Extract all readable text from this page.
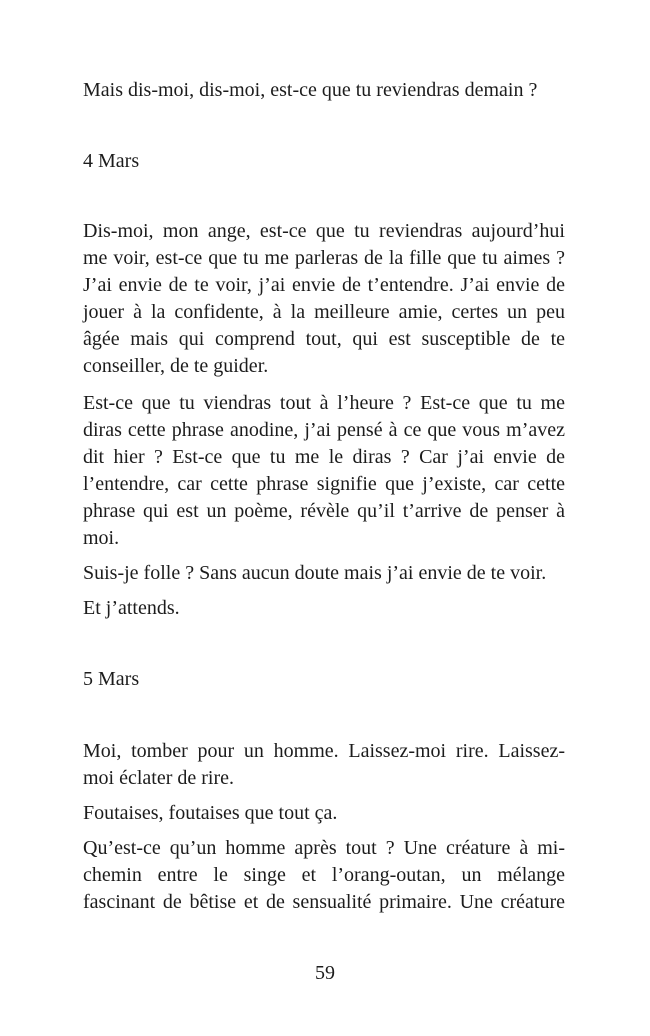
Mais dis-moi, dis-moi, est-ce que tu reviendras demain ?

4 Mars

Dis-moi, mon ange, est-ce que tu reviendras aujourd’hui
me voir, est-ce que tu me parleras de la fille que tu aimes ?
J’ai envie de te voir, j’ai envie de t’entendre. J’ai envie de
jouer à la confidente, à la meilleure amie, certes un peu
âgée mais qui comprend tout, qui est susceptible de te
conseiller, de te guider.

Est-ce que tu viendras tout à l’heure ? Est-ce que tu me
diras cette phrase anodine, j’ai pensé à ce que vous m’avez
dit hier ? Est-ce que tu me le diras ? Car j’ai envie de
l’entendre, car cette phrase signifie que j’existe, car cette
phrase qui est un poème, révèle qu’il t’arrive de penser à
moi.

Suis-je folle ? Sans aucun doute mais j’ai envie de te voir.

Et j’attends.

5 Mars

Moi, tomber pour un homme. Laissez-moi rire. Laissez-
moi éclater de rire.

Foutaises, foutaises que tout ça.

Qu’est-ce qu’un homme après tout ? Une créature à mi-
chemin entre le singe et l’orang-outan, un mélange
fascinant de bêtise et de sensualité primaire. Une créature

59
